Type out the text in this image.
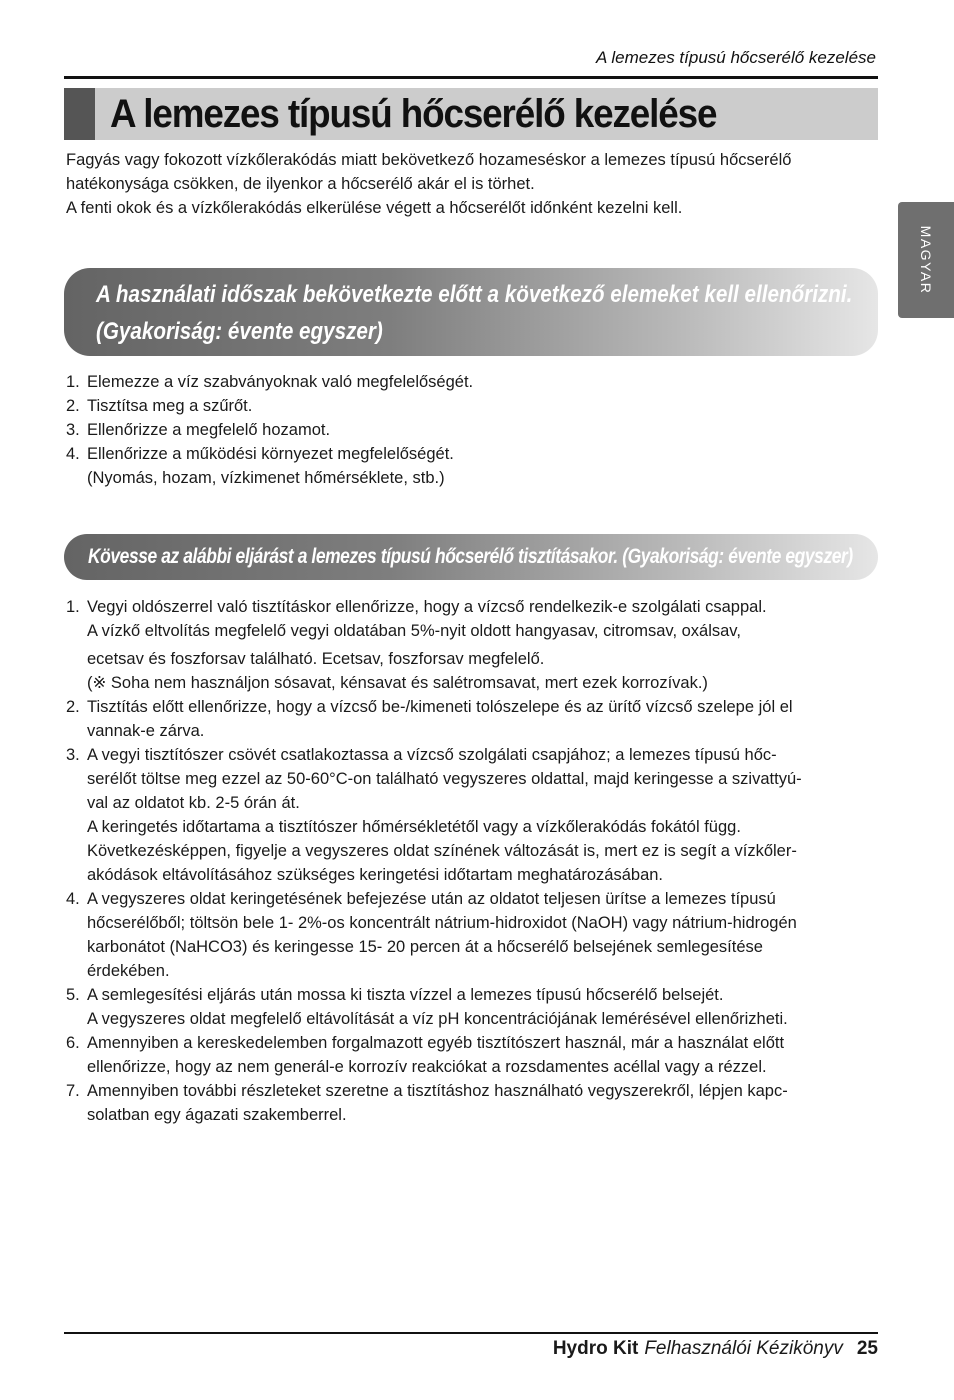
A lemezes típusú hőcserélő kezelése
A lemezes típusú hőcserélő kezelése
MAGYAR

Fagyás vagy fokozott vízkőlerakódás miatt bekövetkező hozameséskor a lemezes típusú hőcserélő hatékonysága csökken, de ilyenkor a hőcserélő akár el is törhet.

A fenti okok és a vízkőlerakódás elkerülése végett a hőcserélőt időnként kezelni kell.

A használati időszak bekövetkezte előtt a következő elemeket kell ellenőrizni.
(Gyakoriság: évente egyszer)
1. Elemezze a víz szabványoknak való megfelelőségét.
2. Tisztítsa meg a szűrőt.
3. Ellenőrizze a megfelelő hozamot.
4. Ellenőrizze a működési környezet megfelelőségét.
(Nyomás, hozam, vízkimenet hőmérséklete, stb.)
Kövesse az alábbi eljárást a lemezes típusú hőcserélő tisztításakor. (Gyakoriság: évente egyszer)
1. Vegyi oldószerrel való tisztításkor ellenőrizze, hogy a vízcső rendelkezik-e szolgálati csappal.
A vízkő eltvolítás megfelelő vegyi oldatában 5%-nyit oldott hangyasav, citromsav, oxálsav,
ecetsav és foszforsav található. Ecetsav, foszforsav megfelelő.
(※ Soha nem használjon sósavat, kénsavat és salétromsavat, mert ezek korrozívak.)
2. Tisztítás előtt ellenőrizze, hogy a vízcső be-/kimeneti tolószelepe és az ürítő vízcső szelepe jól el
vannak-e zárva.
3. A vegyi tisztítószer csövét csatlakoztassa a vízcső szolgálati csapjához; a lemezes típusú hőc-
serélőt töltse meg ezzel az 50-60°C-on található vegyszeres oldattal, majd keringesse a szivattyú-
val az oldatot kb. 2-5 órán át.
A keringetés időtartama a tisztítószer hőmérsékletétől vagy a vízkőlerakódás fokától függ.
Következésképpen, figyelje a vegyszeres oldat színének változását is, mert ez is segít a vízkőler-
akódások eltávolításához szükséges keringetési időtartam meghatározásában.
4. A vegyszeres oldat keringetésének befejezése után az oldatot teljesen ürítse a lemezes típusú
hőcserélőből; töltsön bele 1- 2%-os koncentrált nátrium-hidroxidot (NaOH) vagy nátrium-hidrogén
karbonátot (NaHCO3) és keringesse 15- 20 percen át a hőcserélő belsejének semlegesítése
érdekében.
5. A semlegesítési eljárás után mossa ki tiszta vízzel a lemezes típusú hőcserélő belsejét.
A vegyszeres oldat megfelelő eltávolítását a víz pH koncentrációjának lemérésével ellenőrizheti.
6. Amennyiben a kereskedelemben forgalmazott egyéb tisztítószert használ, már a használat előtt
ellenőrizze, hogy az nem generál-e korrozív reakciókat a rozsdamentes acéllal vagy a rézzel.
7. Amennyiben további részleteket szeretne a tisztításhoz használható vegyszerekről, lépjen kapc-
solatban egy ágazati szakemberrel.
Hydro Kit Felhasználói Kézikönyv 25
